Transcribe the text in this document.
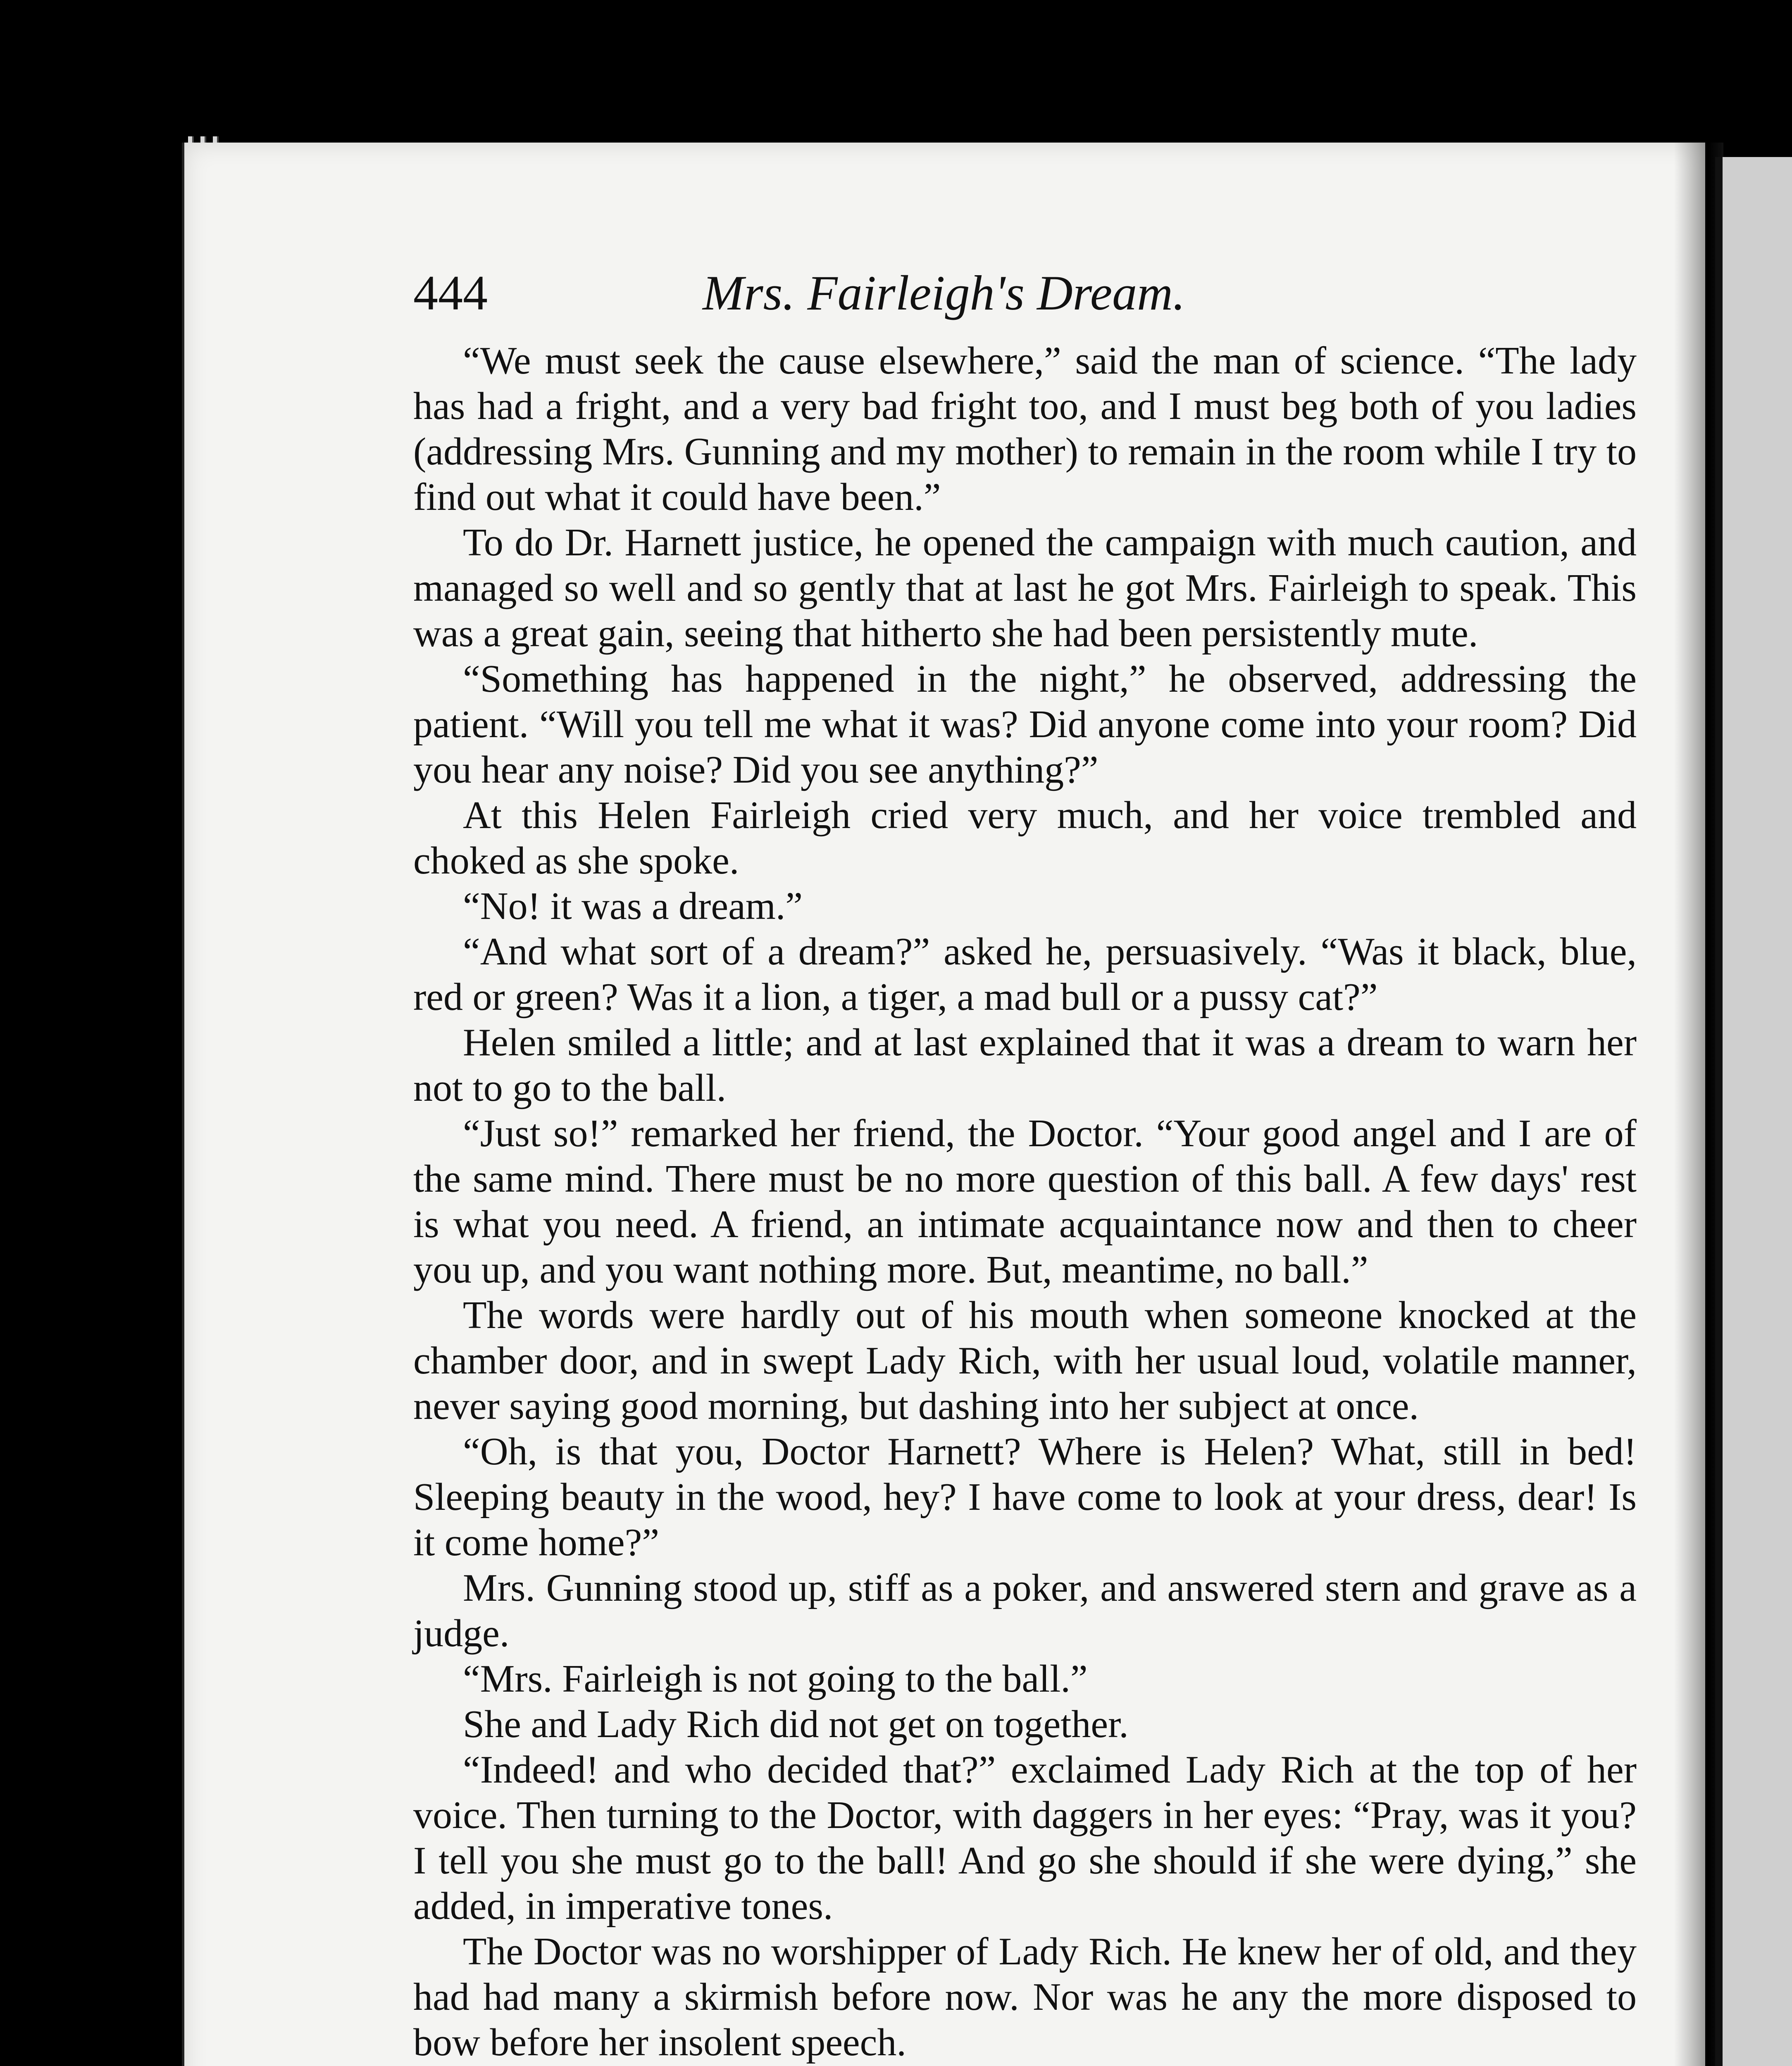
444	Mrs. Fairleigh's Dream.

“We must seek the cause elsewhere,” said the man of science. “The lady has had a fright, and a very bad fright too, and I must beg both of you ladies (addressing Mrs. Gunning and my mother) to remain in the room while I try to find out what it could have been.”

To do Dr. Harnett justice, he opened the campaign with much caution, and managed so well and so gently that at last he got Mrs. Fairleigh to speak. This was a great gain, seeing that hitherto she had been persistently mute.

“Something has happened in the night,” he observed, addressing the patient. “Will you tell me what it was? Did anyone come into your room? Did you hear any noise? Did you see anything?”

At this Helen Fairleigh cried very much, and her voice trembled and choked as she spoke.

“No! it was a dream.”

“And what sort of a dream?” asked he, persuasively. “Was it black, blue, red or green? Was it a lion, a tiger, a mad bull or a pussy cat?”

Helen smiled a little; and at last explained that it was a dream to warn her not to go to the ball.

“Just so!” remarked her friend, the Doctor. “Your good angel and I are of the same mind. There must be no more question of this ball. A few days' rest is what you need. A friend, an intimate acquaintance now and then to cheer you up, and you want nothing more. But, meantime, no ball.”

The words were hardly out of his mouth when someone knocked at the chamber door, and in swept Lady Rich, with her usual loud, volatile manner, never saying good morning, but dashing into her subject at once.

“Oh, is that you, Doctor Harnett? Where is Helen? What, still in bed! Sleeping beauty in the wood, hey? I have come to look at your dress, dear! Is it come home?”

Mrs. Gunning stood up, stiff as a poker, and answered stern and grave as a judge.

“Mrs. Fairleigh is not going to the ball.”

She and Lady Rich did not get on together.

“Indeed! and who decided that?” exclaimed Lady Rich at the top of her voice. Then turning to the Doctor, with daggers in her eyes: “Pray, was it you? I tell you she must go to the ball! And go she should if she were dying,” she added, in imperative tones.

The Doctor was no worshipper of Lady Rich. He knew her of old, and they had had many a skirmish before now. Nor was he any the more disposed to bow before her insolent speech.
